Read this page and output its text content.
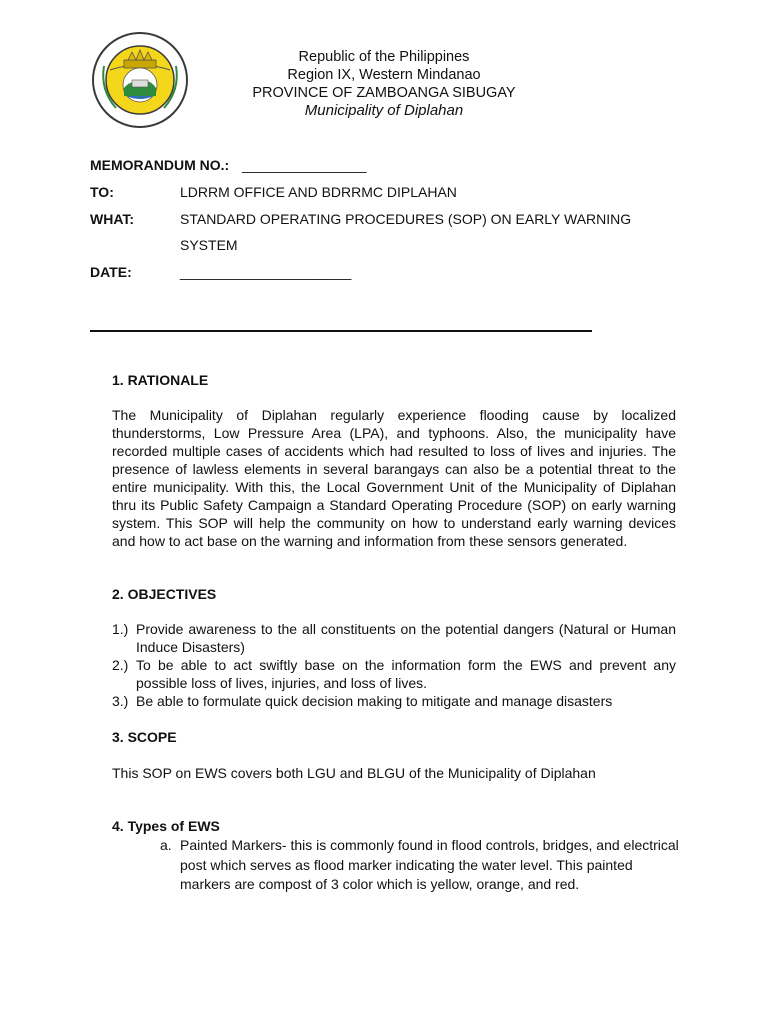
Republic of the Philippines
Region IX, Western Mindanao
PROVINCE OF ZAMBOANGA SIBUGAY
Municipality of Diplahan
MEMORANDUM NO.: ________________
TO:	LDRRM OFFICE AND BDRRMC DIPLAHAN
WHAT:	STANDARD OPERATING PROCEDURES (SOP) ON EARLY WARNING
SYSTEM
DATE:	______________________
1. RATIONALE

The Municipality of Diplahan regularly experience flooding cause by localized thunderstorms, Low Pressure Area (LPA), and typhoons. Also, the municipality have recorded multiple cases of accidents which had resulted to loss of lives and injuries. The presence of lawless elements in several barangays can also be a potential threat to the entire municipality. With this, the Local Government Unit of the Municipality of Diplahan thru its Public Safety Campaign a Standard Operating Procedure (SOP) on early warning system. This SOP will help the community on how to understand early warning devices and how to act base on the warning and information from these sensors generated.

2. OBJECTIVES
1.) Provide awareness to the all constituents on the potential dangers (Natural or Human Induce Disasters)
2.) To be able to act swiftly base on the information form the EWS and prevent any possible loss of lives, injuries, and loss of lives.
3.) Be able to formulate quick decision making to mitigate and manage disasters
3. SCOPE

This SOP on EWS covers both LGU and BLGU of the Municipality of Diplahan

4. Types of EWS
a. Painted Markers- this is commonly found in flood controls, bridges, and electrical post which serves as flood marker indicating the water level. This painted markers are compost of 3 color which is yellow, orange, and red.
